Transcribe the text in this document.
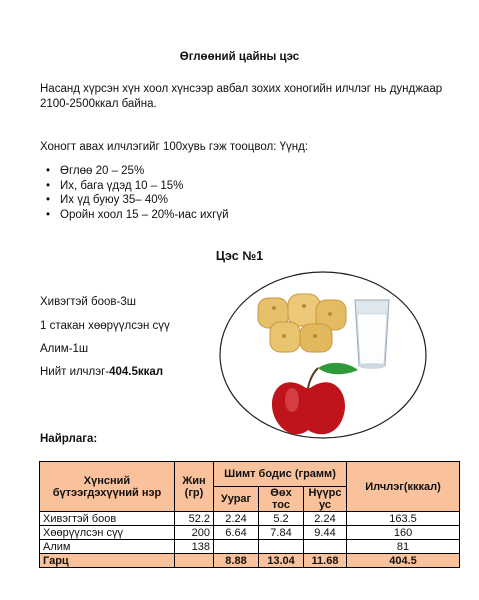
Өглөөний цайны цэс
Насанд хүрсэн хүн хоол хүнсээр авбал зохих хоногийн илчлэг нь дунджаар 2100-2500ккал байна.
Хоногт авах илчлэгийг 100хувь гэж тооцвол: Үүнд:
• Өглөө 20 – 25%
• Их, бага үдэд 10 – 15%
• Их үд буюу 35– 40%
• Оройн хоол 15 – 20%-иас ихгүй
Цэс №1
Хивэгтэй боов-3ш
1 стакан хөөрүүлсэн сүү
Алим-1ш
Нийт илчлэг-404.5ккал
Найрлага:
Хүнсний бүтээгдэхүүний нэр	Жин (гр)	Шимт бодис (грамм)			Илчлэг(кккал)
		Уураг	Өөх тос	Нүүрс ус	
Хивэгтэй боов	52.2	2.24	5.2	2.24	163.5
Хөөрүүлсэн сүү	200	6.64	7.84	9.44	160
Алим	138				81
Гарц		8.88	13.04	11.68	404.5
